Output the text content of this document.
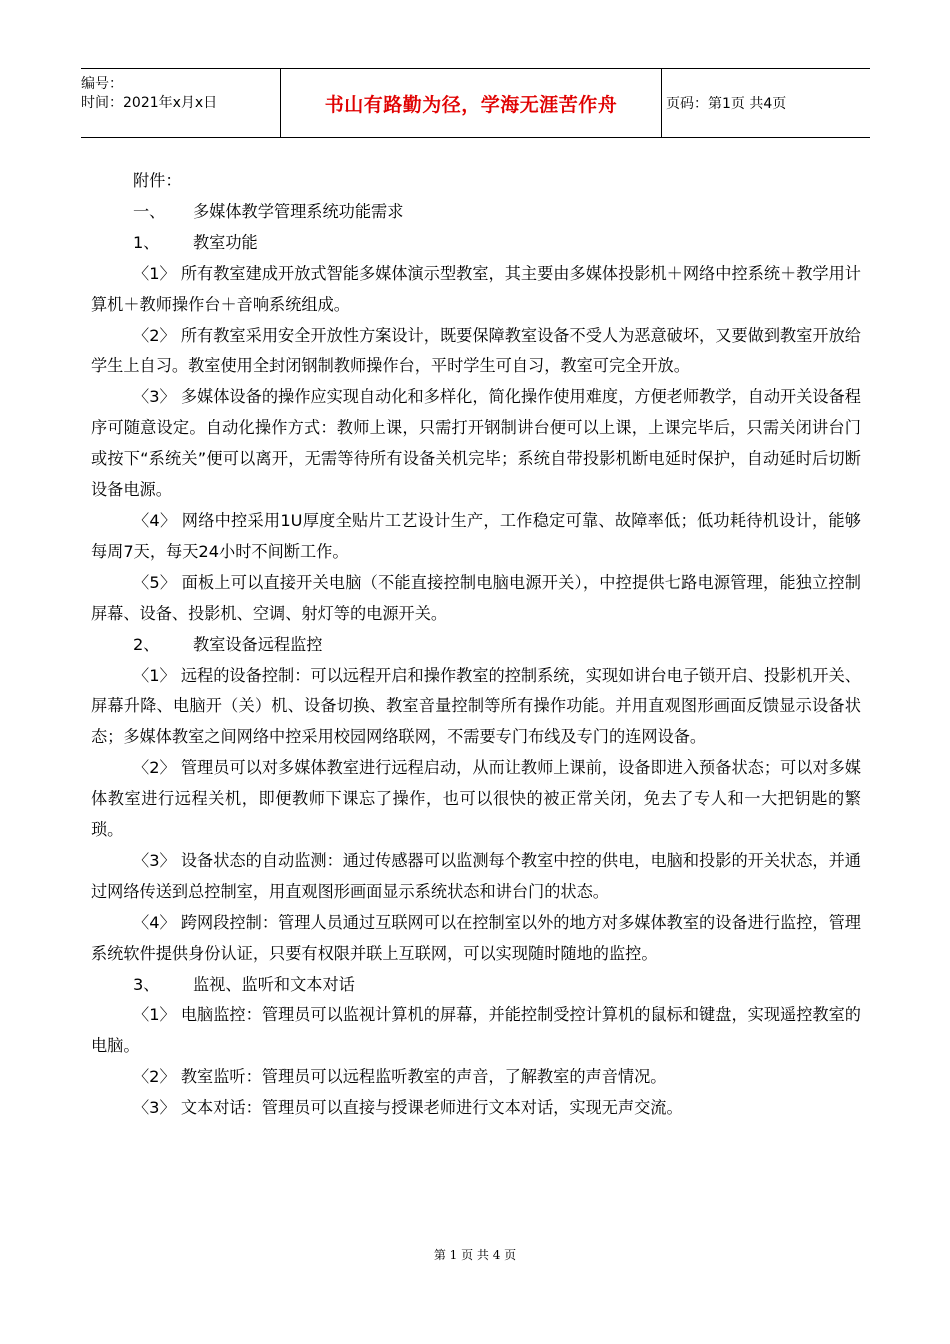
编号：
时间：2021年x月x日	书山有路勤为径，学海无涯苦作舟	页码：第1页 共4页

附件：

一、 多媒体教学管理系统功能需求

1、 教室功能

〈1〉 所有教室建成开放式智能多媒体演示型教室，其主要由多媒体投影机＋网络中控系统＋教学用计算机＋教师操作台＋音响系统组成。

〈2〉 所有教室采用安全开放性方案设计，既要保障教室设备不受人为恶意破坏，又要做到教室开放给学生上自习。教室使用全封闭钢制教师操作台，平时学生可自习，教室可完全开放。

〈3〉 多媒体设备的操作应实现自动化和多样化，简化操作使用难度，方便老师教学，自动开关设备程序可随意设定。自动化操作方式：教师上课，只需打开钢制讲台便可以上课，上课完毕后，只需关闭讲台门或按下“系统关”便可以离开，无需等待所有设备关机完毕；系统自带投影机断电延时保护，自动延时后切断设备电源。

〈4〉 网络中控采用1U厚度全贴片工艺设计生产，工作稳定可靠、故障率低；低功耗待机设计，能够每周7天，每天24小时不间断工作。

〈5〉 面板上可以直接开关电脑（不能直接控制电脑电源开关），中控提供七路电源管理，能独立控制屏幕、设备、投影机、空调、射灯等的电源开关。

2、 教室设备远程监控

〈1〉 远程的设备控制：可以远程开启和操作教室的控制系统，实现如讲台电子锁开启、投影机开关、屏幕升降、电脑开（关）机、设备切换、教室音量控制等所有操作功能。并用直观图形画面反馈显示设备状态；多媒体教室之间网络中控采用校园网络联网，不需要专门布线及专门的连网设备。

〈2〉 管理员可以对多媒体教室进行远程启动，从而让教师上课前，设备即进入预备状态；可以对多媒体教室进行远程关机，即便教师下课忘了操作，也可以很快的被正常关闭，免去了专人和一大把钥匙的繁琐。

〈3〉 设备状态的自动监测：通过传感器可以监测每个教室中控的供电，电脑和投影的开关状态，并通过网络传送到总控制室，用直观图形画面显示系统状态和讲台门的状态。

〈4〉 跨网段控制：管理人员通过互联网可以在控制室以外的地方对多媒体教室的设备进行监控，管理系统软件提供身份认证，只要有权限并联上互联网，可以实现随时随地的监控。

3、 监视、监听和文本对话

〈1〉 电脑监控：管理员可以监视计算机的屏幕，并能控制受控计算机的鼠标和键盘，实现遥控教室的电脑。

〈2〉 教室监听：管理员可以远程监听教室的声音，了解教室的声音情况。

〈3〉 文本对话：管理员可以直接与授课老师进行文本对话，实现无声交流。

第 1 页 共 4 页
